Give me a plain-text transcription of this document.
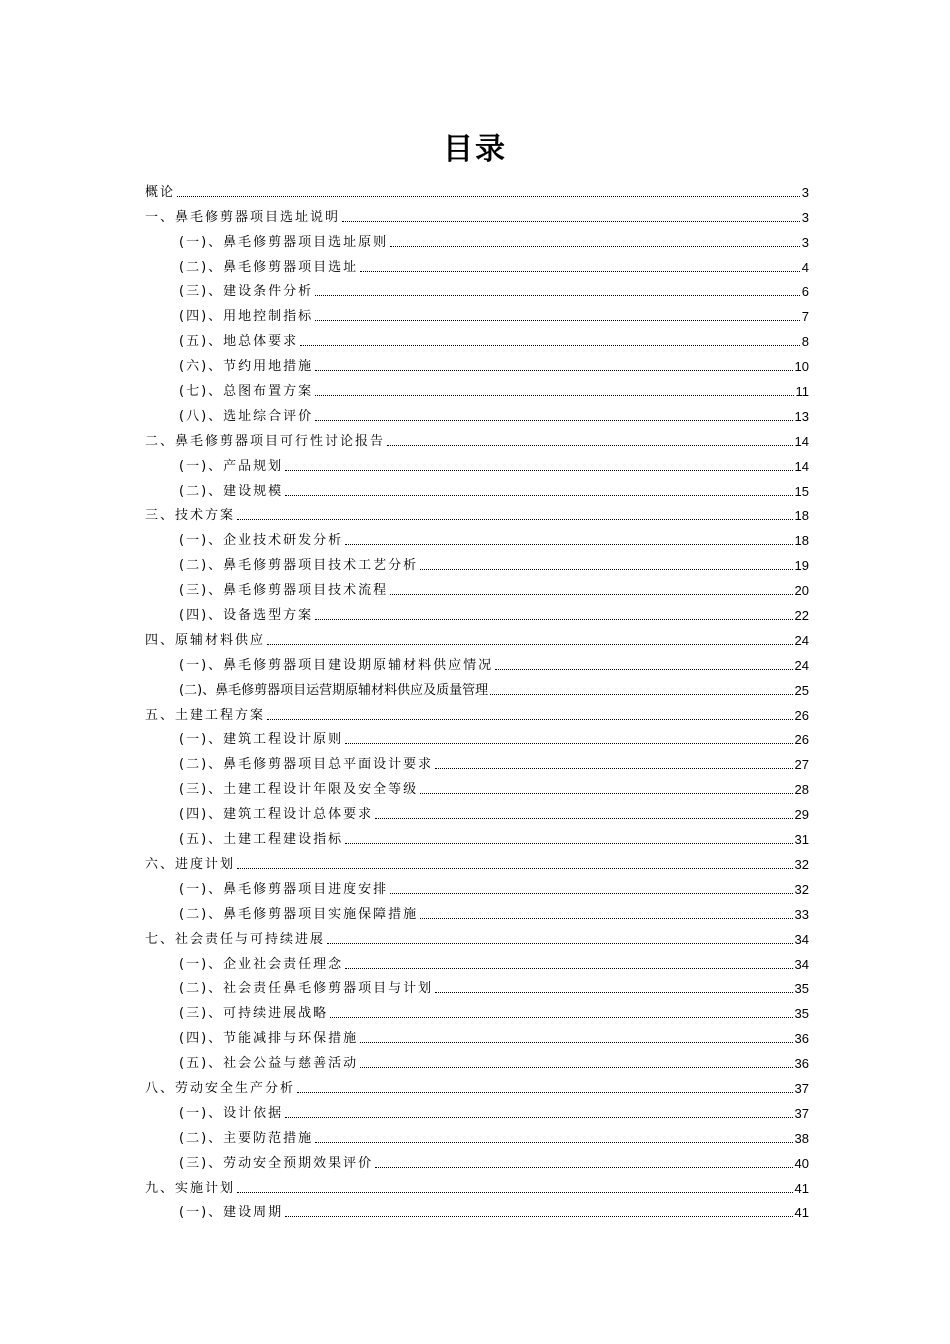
目录
概论	3
一、鼻毛修剪器项目选址说明	3
(一)、鼻毛修剪器项目选址原则	3
(二)、鼻毛修剪器项目选址	4
(三)、建设条件分析	6
(四)、用地控制指标	7
(五)、地总体要求	8
(六)、节约用地措施	10
(七)、总图布置方案	11
(八)、选址综合评价	13
二、鼻毛修剪器项目可行性讨论报告	14
(一)、产品规划	14
(二)、建设规模	15
三、技术方案	18
(一)、企业技术研发分析	18
(二)、鼻毛修剪器项目技术工艺分析	19
(三)、鼻毛修剪器项目技术流程	20
(四)、设备选型方案	22
四、原辅材料供应	24
(一)、鼻毛修剪器项目建设期原辅材料供应情况	24
(二)、鼻毛修剪器项目运营期原辅材料供应及质量管理	25
五、土建工程方案	26
(一)、建筑工程设计原则	26
(二)、鼻毛修剪器项目总平面设计要求	27
(三)、土建工程设计年限及安全等级	28
(四)、建筑工程设计总体要求	29
(五)、土建工程建设指标	31
六、进度计划	32
(一)、鼻毛修剪器项目进度安排	32
(二)、鼻毛修剪器项目实施保障措施	33
七、社会责任与可持续进展	34
(一)、企业社会责任理念	34
(二)、社会责任鼻毛修剪器项目与计划	35
(三)、可持续进展战略	35
(四)、节能减排与环保措施	36
(五)、社会公益与慈善活动	36
八、劳动安全生产分析	37
(一)、设计依据	37
(二)、主要防范措施	38
(三)、劳动安全预期效果评价	40
九、实施计划	41
(一)、建设周期	41
